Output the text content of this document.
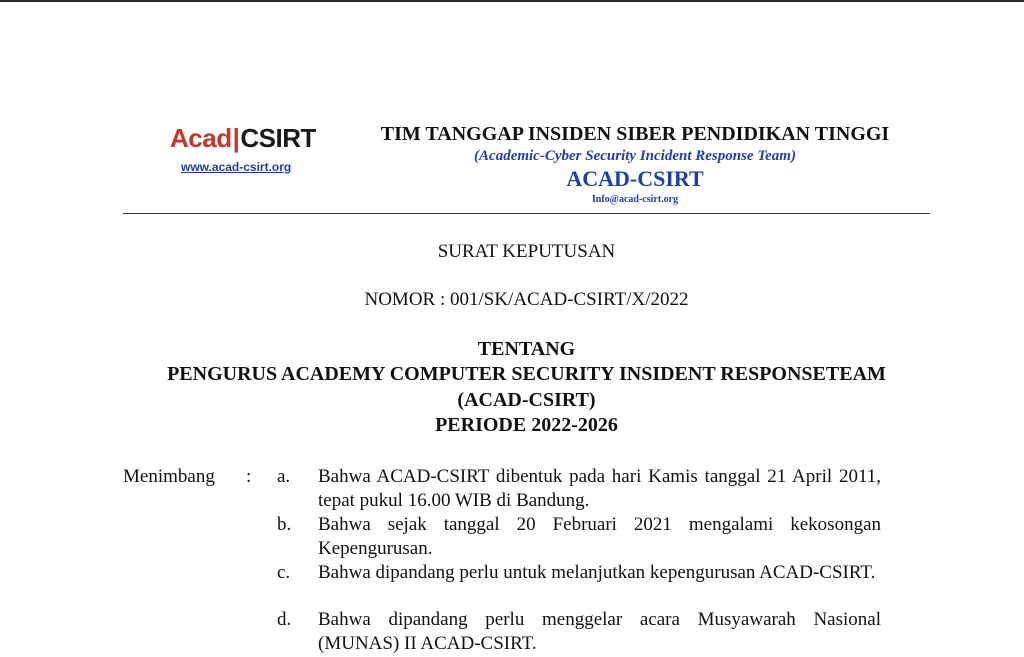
Acad|CSIRT
www.acad-csirt.org
TIM TANGGAP INSIDEN SIBER PENDIDIKAN TINGGI
(Academic-Cyber Security Incident Response Team)
ACAD-CSIRT
Info@acad-csirt.org
SURAT KEPUTUSAN
NOMOR : 001/SK/ACAD-CSIRT/X/2022
TENTANG
PENGURUS ACADEMY COMPUTER SECURITY INSIDENT RESPONSETEAM
(ACAD-CSIRT)
PERIODE 2022-2026
Menimbang : a. Bahwa ACAD-CSIRT dibentuk pada hari Kamis tanggal 21 April 2011, tepat pukul 16.00 WIB di Bandung.
b. Bahwa sejak tanggal 20 Februari 2021 mengalami kekosongan Kepengurusan.
c. Bahwa dipandang perlu untuk melanjutkan kepengurusan ACAD-CSIRT.
d. Bahwa dipandang perlu menggelar acara Musyawarah Nasional (MUNAS) II ACAD-CSIRT.
